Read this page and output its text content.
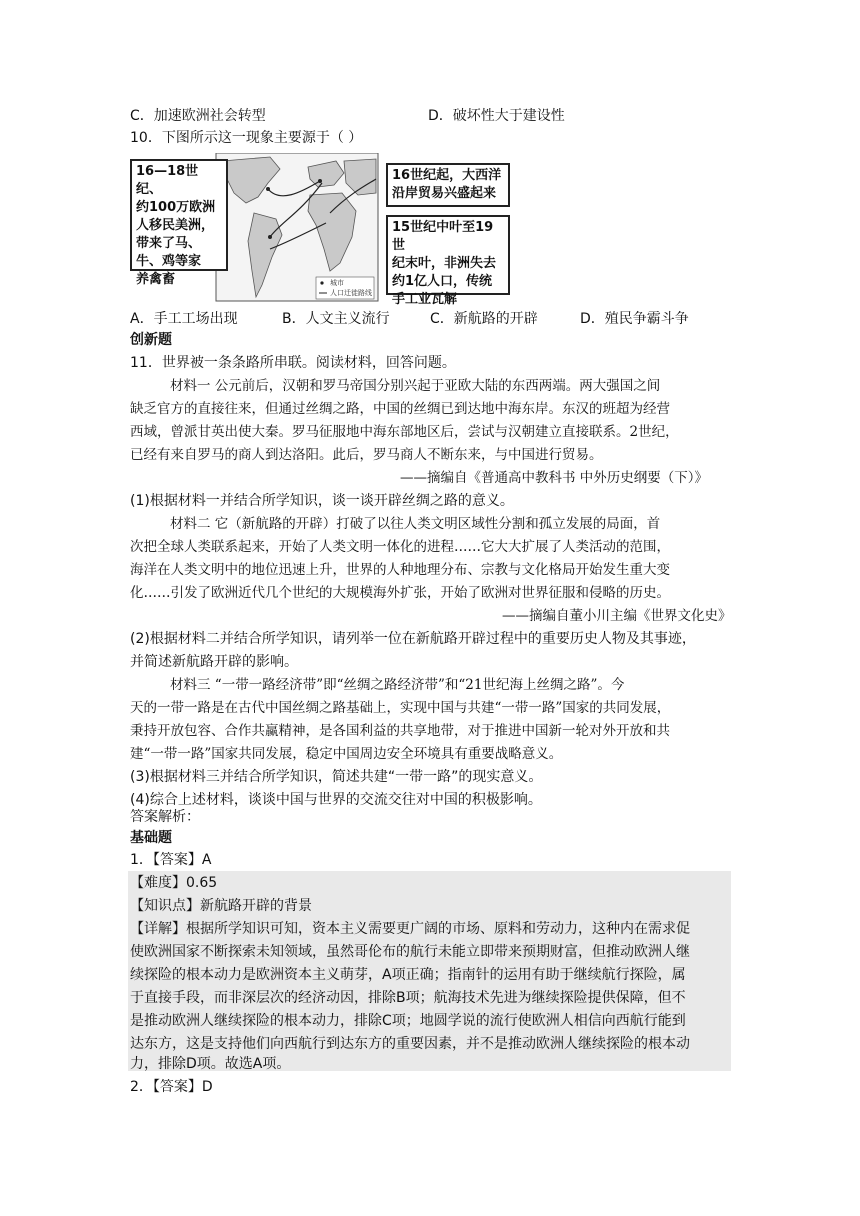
C．加速欧洲社会转型	D．破坏性大于建设性
10．下图所示这一现象主要源于（ ）
城市
人口迁徙路线
16—18世纪、
约100万欧洲
人移民美洲，
带来了马、
牛、鸡等家
养禽畜
16世纪起，大西洋
沿岸贸易兴盛起来
15世纪中叶至19世
纪末叶，非洲失去
约1亿人口，传统
手工业瓦解
A．手工工场出现	B．人文主义流行	C．新航路的开辟	D．殖民争霸斗争
创新题
11．世界被一条条路所串联。阅读材料，回答问题。
材料一 公元前后，汉朝和罗马帝国分别兴起于亚欧大陆的东西两端。两大强国之间
缺乏官方的直接往来，但通过丝绸之路，中国的丝绸已到达地中海东岸。东汉的班超为经营
西域，曾派甘英出使大秦。罗马征服地中海东部地区后，尝试与汉朝建立直接联系。2世纪，
已经有来自罗马的商人到达洛阳。此后，罗马商人不断东来，与中国进行贸易。
——摘编自《普通高中教科书 中外历史纲要（下）》
(1)根据材料一并结合所学知识，谈一谈开辟丝绸之路的意义。
材料二 它（新航路的开辟）打破了以往人类文明区域性分割和孤立发展的局面，首
次把全球人类联系起来，开始了人类文明一体化的进程……它大大扩展了人类活动的范围，
海洋在人类文明中的地位迅速上升，世界的人种地理分布、宗教与文化格局开始发生重大变
化……引发了欧洲近代几个世纪的大规模海外扩张，开始了欧洲对世界征服和侵略的历史。
——摘编自董小川主编《世界文化史》
(2)根据材料二并结合所学知识，请列举一位在新航路开辟过程中的重要历史人物及其事迹，
并简述新航路开辟的影响。
材料三 “一带一路经济带”即“丝绸之路经济带”和“21世纪海上丝绸之路”。今
天的一带一路是在古代中国丝绸之路基础上，实现中国与共建“一带一路”国家的共同发展，
秉持开放包容、合作共赢精神，是各国利益的共享地带，对于推进中国新一轮对外开放和共
建“一带一路”国家共同发展，稳定中国周边安全环境具有重要战略意义。
(3)根据材料三并结合所学知识，简述共建“一带一路”的现实意义。
(4)综合上述材料，谈谈中国与世界的交流交往对中国的积极影响。
答案解析：
基础题
1．【答案】A
【难度】0.65
【知识点】新航路开辟的背景
【详解】根据所学知识可知，资本主义需要更广阔的市场、原料和劳动力，这种内在需求促
使欧洲国家不断探索未知领域，虽然哥伦布的航行未能立即带来预期财富，但推动欧洲人继
续探险的根本动力是欧洲资本主义萌芽，A项正确；指南针的运用有助于继续航行探险，属
于直接手段，而非深层次的经济动因，排除B项；航海技术先进为继续探险提供保障，但不
是推动欧洲人继续探险的根本动力，排除C项；地圆学说的流行使欧洲人相信向西航行能到
达东方，这是支持他们向西航行到达东方的重要因素，并不是推动欧洲人继续探险的根本动
力，排除D项。故选A项。
2．【答案】D
